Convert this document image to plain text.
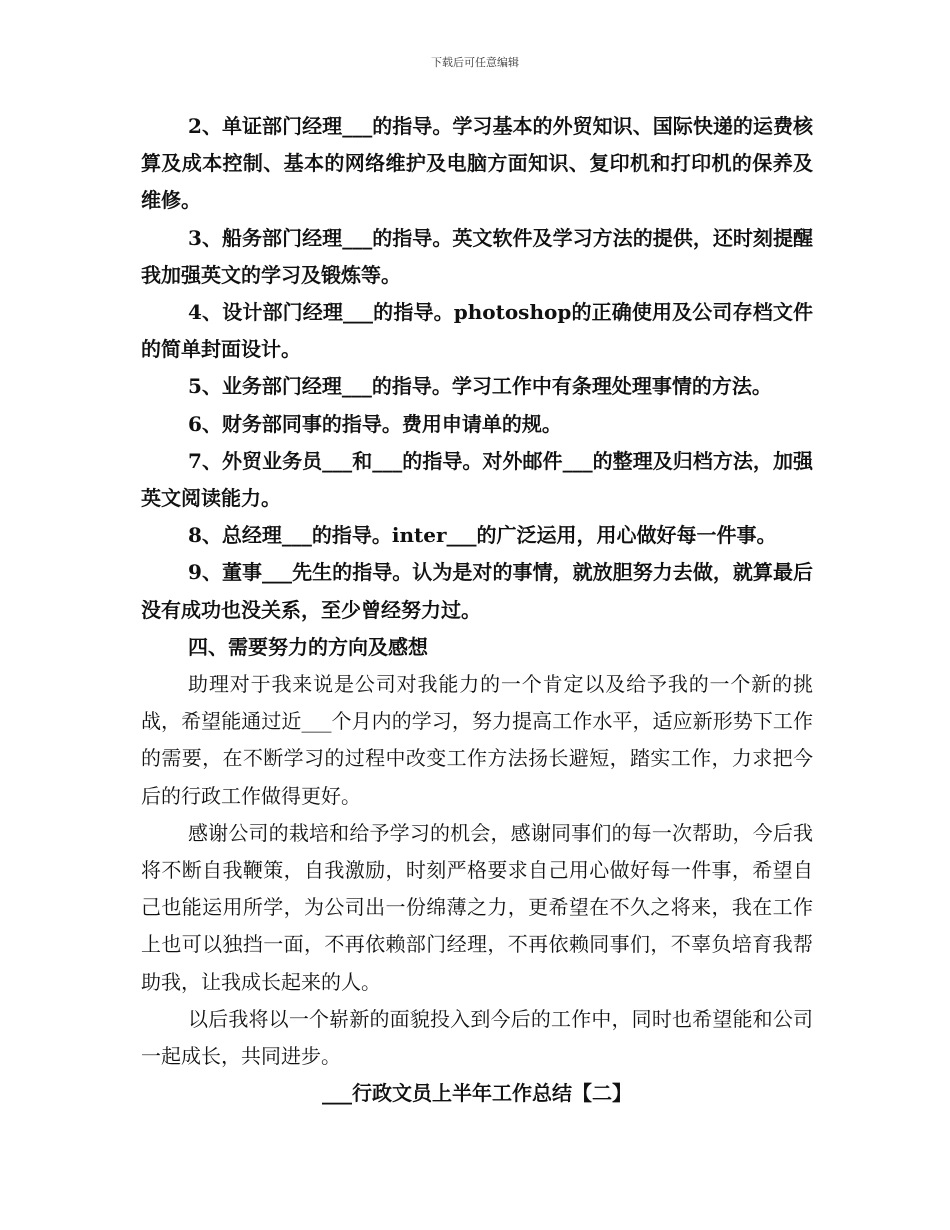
下载后可任意编辑

2、单证部门经理___的指导。学习基本的外贸知识、国际快递的运费核算及成本控制、基本的网络维护及电脑方面知识、复印机和打印机的保养及维修。

3、船务部门经理___的指导。英文软件及学习方法的提供，还时刻提醒我加强英文的学习及锻炼等。

4、设计部门经理___的指导。photoshop的正确使用及公司存档文件的简单封面设计。

5、业务部门经理___的指导。学习工作中有条理处理事情的方法。

6、财务部同事的指导。费用申请单的规。

7、外贸业务员___和___的指导。对外邮件___的整理及归档方法，加强英文阅读能力。

8、总经理___的指导。inter___的广泛运用，用心做好每一件事。

9、董事___先生的指导。认为是对的事情，就放胆努力去做，就算最后没有成功也没关系，至少曾经努力过。

四、需要努力的方向及感想

助理对于我来说是公司对我能力的一个肯定以及给予我的一个新的挑战，希望能通过近___个月内的学习，努力提高工作水平，适应新形势下工作的需要，在不断学习的过程中改变工作方法扬长避短，踏实工作，力求把今后的行政工作做得更好。

感谢公司的栽培和给予学习的机会，感谢同事们的每一次帮助，今后我将不断自我鞭策，自我激励，时刻严格要求自己用心做好每一件事，希望自己也能运用所学，为公司出一份绵薄之力，更希望在不久之将来，我在工作上也可以独挡一面，不再依赖部门经理，不再依赖同事们，不辜负培育我帮助我，让我成长起来的人。

以后我将以一个崭新的面貌投入到今后的工作中，同时也希望能和公司一起成长，共同进步。

___行政文员上半年工作总结【二】
